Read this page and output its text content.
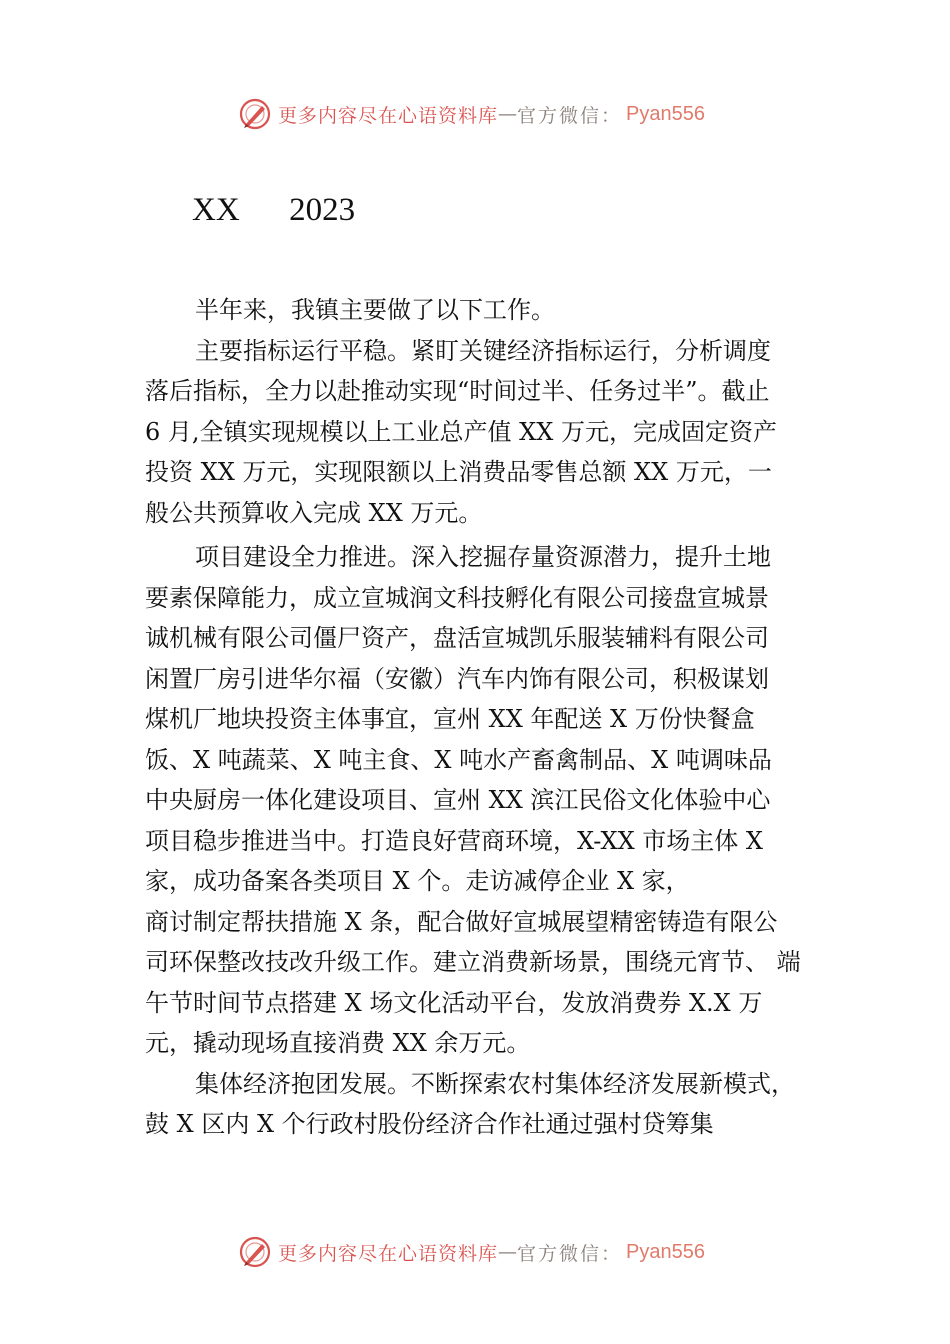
更多内容尽在心语资料库 — 官方微信： Pyan556
XX      2023

半年来，我镇主要做了以下工作。

主要指标运行平稳。紧盯关键经济指标运行，分析调度
落后指标，全力以赴推动实现“时间过半、任务过半”。截止
6 月,全镇实现规模以上工业总产值 XX 万元，完成固定资产
投资 XX 万元，实现限额以上消费品零售总额 XX 万元，一
般公共预算收入完成 XX 万元。

项目建设全力推进。深入挖掘存量资源潜力，提升土地
要素保障能力，成立宣城润文科技孵化有限公司接盘宣城景
诚机械有限公司僵尸资产，盘活宣城凯乐服装辅料有限公司
闲置厂房引进华尔福（安徽）汽车内饰有限公司，积极谋划
煤机厂地块投资主体事宜，宣州 XX 年配送 X 万份快餐盒
饭、X 吨蔬菜、X 吨主食、X 吨水产畜禽制品、X 吨调味品
中央厨房一体化建设项目、宣州 XX 滨江民俗文化体验中心
项目稳步推进当中。打造良好营商环境，X-XX 市场主体 X
家，成功备案各类项目 X 个。走访减停企业 X 家，
商讨制定帮扶措施 X 条，配合做好宣城展望精密铸造有限公
司环保整改技改升级工作。建立消费新场景，围绕元宵节、 端
午节时间节点搭建 X 场文化活动平台，发放消费券 X.X 万
元，撬动现场直接消费 XX 余万元。

集体经济抱团发展。不断探索农村集体经济发展新模式，
鼓 X 区内 X 个行政村股份经济合作社通过强村贷筹集

更多内容尽在心语资料库 — 官方微信： Pyan556
